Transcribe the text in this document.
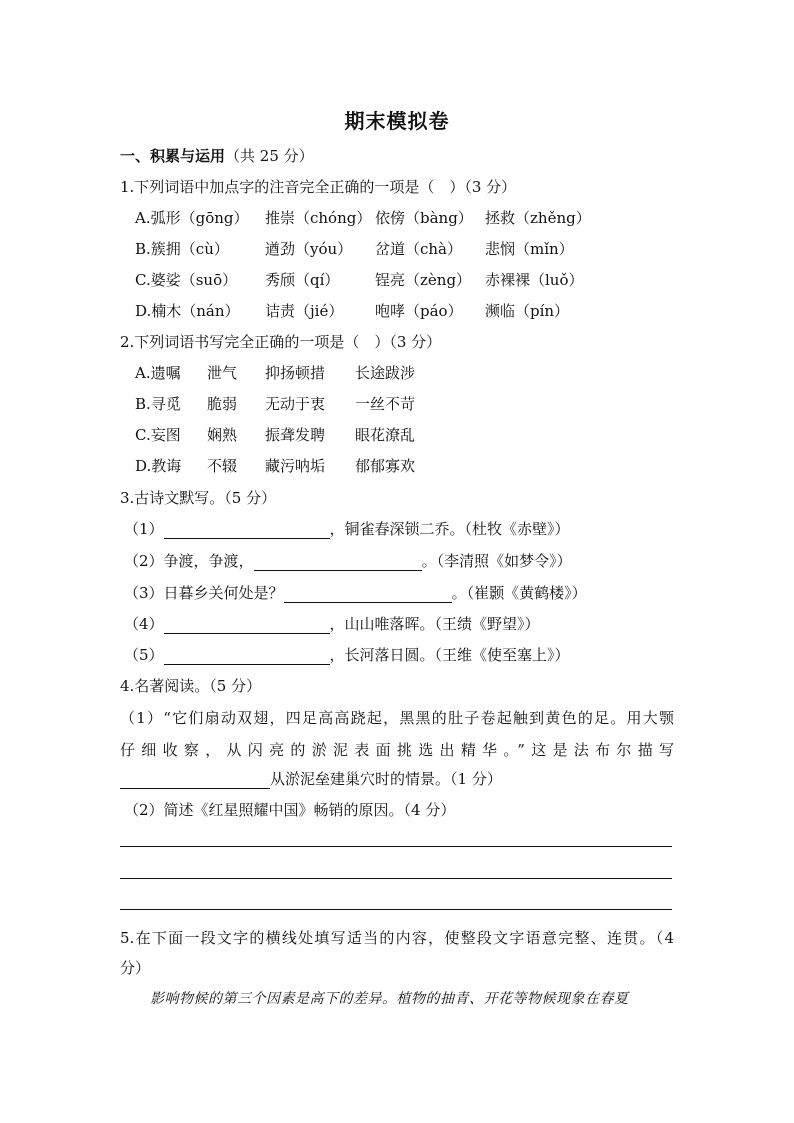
期末模拟卷
一、积累与运用（共 25 分）
1.下列词语中加点字的注音完全正确的一项是（　）（3 分）
A.弧形（gōng） 推崇（chóng） 依傍（bàng） 拯救（zhěng）
B.簇拥（cù） 遒劲（yóu） 岔道（chà） 悲悯（mǐn）
C.婆娑（suō） 秀颀（qí） 锃亮（zèng） 赤裸裸（luǒ）
D.楠木（nán） 诘责（jié） 咆哮（páo） 濒临（pín）
2.下列词语书写完全正确的一项是（　）（3 分）
A.遗嘱 泄气 抑扬顿措 长途跋涉
B.寻觅 脆弱 无动于衷 一丝不苛
C.妄图 娴熟 振聋发聘 眼花潦乱
D.教诲 不辍 藏污呐垢 郁郁寡欢
3.古诗文默写。（5 分）
（1）	，铜雀春深锁二乔。（杜牧《赤壁》）
（2）争渡，争渡，	。（李清照《如梦令》）
（3）日暮乡关何处是？	。（崔颢《黄鹤楼》）
（4）	，山山唯落晖。（王绩《野望》）
（5）	，长河落日圆。（王维《使至塞上》）
4.名著阅读。（5 分）
（1）“它们扇动双翅，四足高高跷起，黑黑的肚子卷起触到黄色的足。用大颚
仔细收察，从闪亮的淤泥表面挑选出精华。”这是法布尔描写
从淤泥垒建巢穴时的情景。（1 分）
（2）简述《红星照耀中国》畅销的原因。（4 分）
5.在下面一段文字的横线处填写适当的内容，使整段文字语意完整、连贯。（4
分）
影响物候的第三个因素是高下的差异。植物的抽青、开花等物候现象在春夏
